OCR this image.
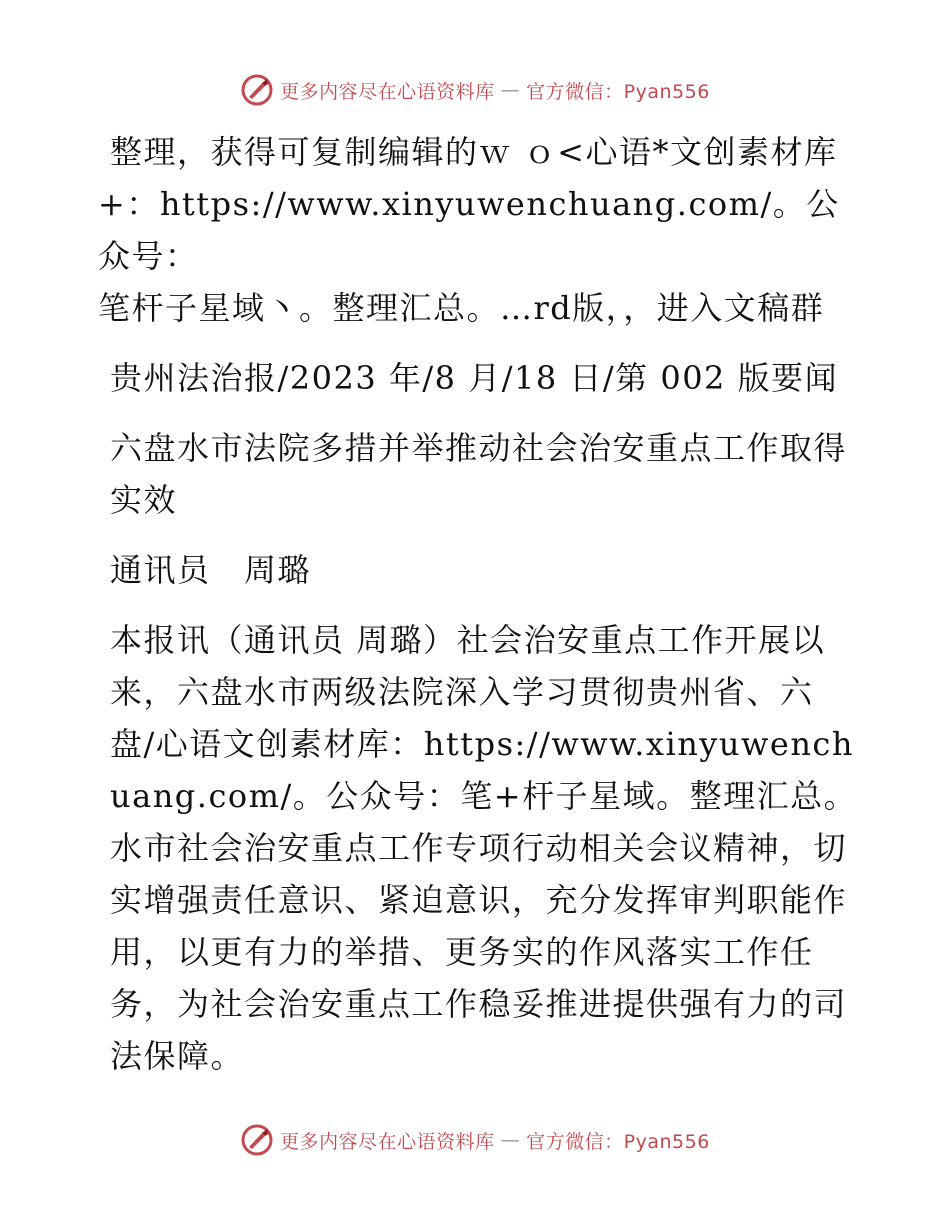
更多内容尽在心语资料库 — 官方微信：Pyan556

整理，获得可复制编辑的ｗ ｏ<心语*文创素材库

+：https://www.xinyuwenchuang.com/。公众号：

笔杆子星域丶。整理汇总。…rd版，，进入文稿群

贵州法治报/2023 年/8 月/18 日/第 002 版要闻

六盘水市法院多措并举推动社会治安重点工作取得实效

通讯员　周璐

本报讯（通讯员 周璐）社会治安重点工作开展以来，六盘水市两级法院深入学习贯彻贵州省、六盘/心语文创素材库：https://www.xinyuwenchuang.com/。公众号：笔+杆子星域。整理汇总。水市社会治安重点工作专项行动相关会议精神，切实增强责任意识、紧迫意识，充分发挥审判职能作用，以更有力的举措、更务实的作风落实工作任务，为社会治安重点工作稳妥推进提供强有力的司法保障。

更多内容尽在心语资料库 — 官方微信：Pyan556
